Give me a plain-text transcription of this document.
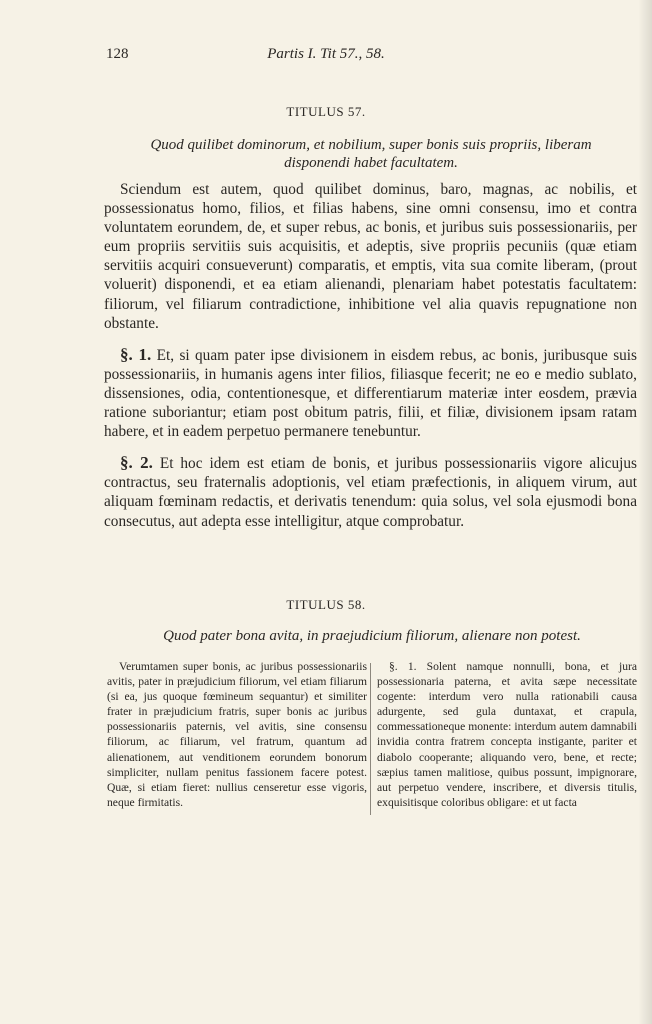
128	Partis I. Tit 57., 58.
TITULUS 57.
Quod quilibet dominorum, et nobilium, super bonis suis propriis, liberam
disponendi habet facultatem.

Sciendum est autem, quod quilibet dominus, baro, magnas, ac nobilis, et possessionatus homo, filios, et filias habens, sine omni consensu, imo et contra voluntatem eorundem, de, et super rebus, ac bonis, et juribus suis possessionariis, per eum propriis servitiis suis acquisitis, et adeptis, sive propriis pecuniis (quæ etiam servitiis acquiri consueverunt) comparatis, et emptis, vita sua comite liberam, (prout voluerit) disponendi, et ea etiam alienandi, plenariam habet potestatis facultatem: filiorum, vel filiarum contradictione, inhibitione vel alia quavis repugnatione non obstante.

§. 1. Et, si quam pater ipse divisionem in eisdem rebus, ac bonis, juribusque suis possessionariis, in humanis agens inter filios, filiasque fecerit; ne eo e medio sublato, dissensiones, odia, contentionesque, et differentiarum materiæ inter eosdem, prævia ratione suboriantur; etiam post obitum patris, filii, et filiæ, divisionem ipsam ratam habere, et in eadem perpetuo permanere tenebuntur.

§. 2. Et hoc idem est etiam de bonis, et juribus possessionariis vigore alicujus contractus, seu fraternalis adoptionis, vel etiam præfectionis, in aliquem virum, aut aliquam fœminam redactis, et derivatis tenendum: quia solus, vel sola ejusmodi bona consecutus, aut adepta esse intelligitur, atque comprobatur.

TITULUS 58.
Quod pater bona avita, in praejudicium filiorum, alienare non potest.

Verumtamen super bonis, ac juribus possessionariis avitis, pater in præjudicium filiorum, vel etiam filiarum (si ea, jus quoque fœmineum sequantur) et similiter frater in præjudicium fratris, super bonis ac juribus possessionariis paternis, vel avitis, sine consensu filiorum, ac filiarum, vel fratrum, quantum ad alienationem, aut venditionem eorundem bonorum simpliciter, nullam penitus fassionem facere potest. Quæ, si etiam fieret: nullius censeretur esse vigoris, neque firmitatis.

§. 1. Solent namque nonnulli, bona, et jura possessionaria paterna, et avita sæpe necessitate cogente: interdum vero nulla rationabili causa adurgente, sed gula duntaxat, et crapula, commessationeque monente: interdum autem damnabili invidia contra fratrem concepta instigante, pariter et diabolo cooperante; aliquando vero, bene, et recte; sæpius tamen malitiose, quibus possunt, impignorare, aut perpetuo vendere, inscribere, et diversis titulis, exquisitisque coloribus obligare: et ut facta
